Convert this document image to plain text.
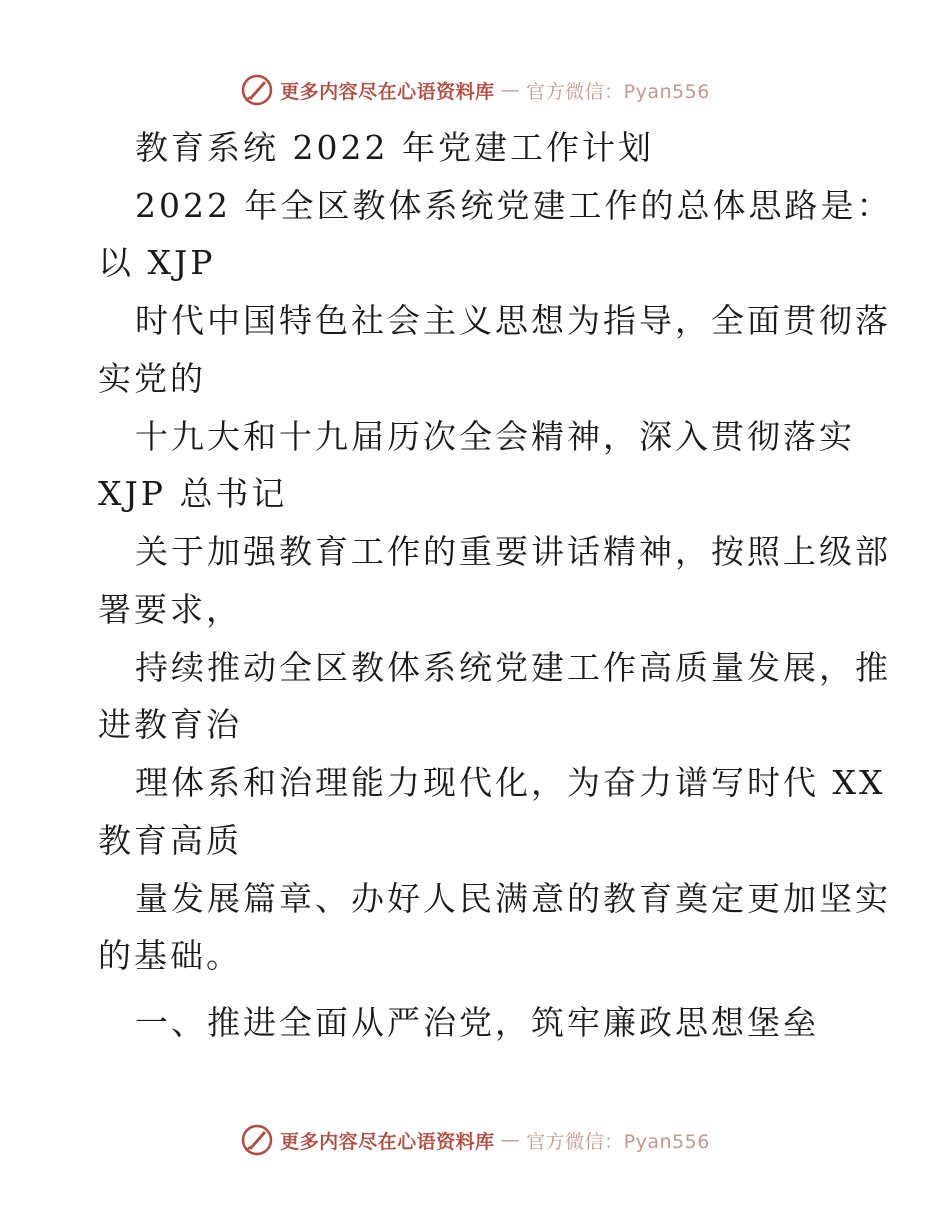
更多内容尽在心语资料库 — 官方微信：Pyan556
教育系统 2022 年党建工作计划
2022 年全区教体系统党建工作的总体思路是：
以 XJP
时代中国特色社会主义思想为指导，全面贯彻落
实党的
十九大和十九届历次全会精神，深入贯彻落实
XJP 总书记
关于加强教育工作的重要讲话精神，按照上级部
署要求，
持续推动全区教体系统党建工作高质量发展，推
进教育治
理体系和治理能力现代化，为奋力谱写时代 XX
教育高质
量发展篇章、办好人民满意的教育奠定更加坚实
的基础。
一、推进全面从严治党，筑牢廉政思想堡垒
更多内容尽在心语资料库 — 官方微信：Pyan556
